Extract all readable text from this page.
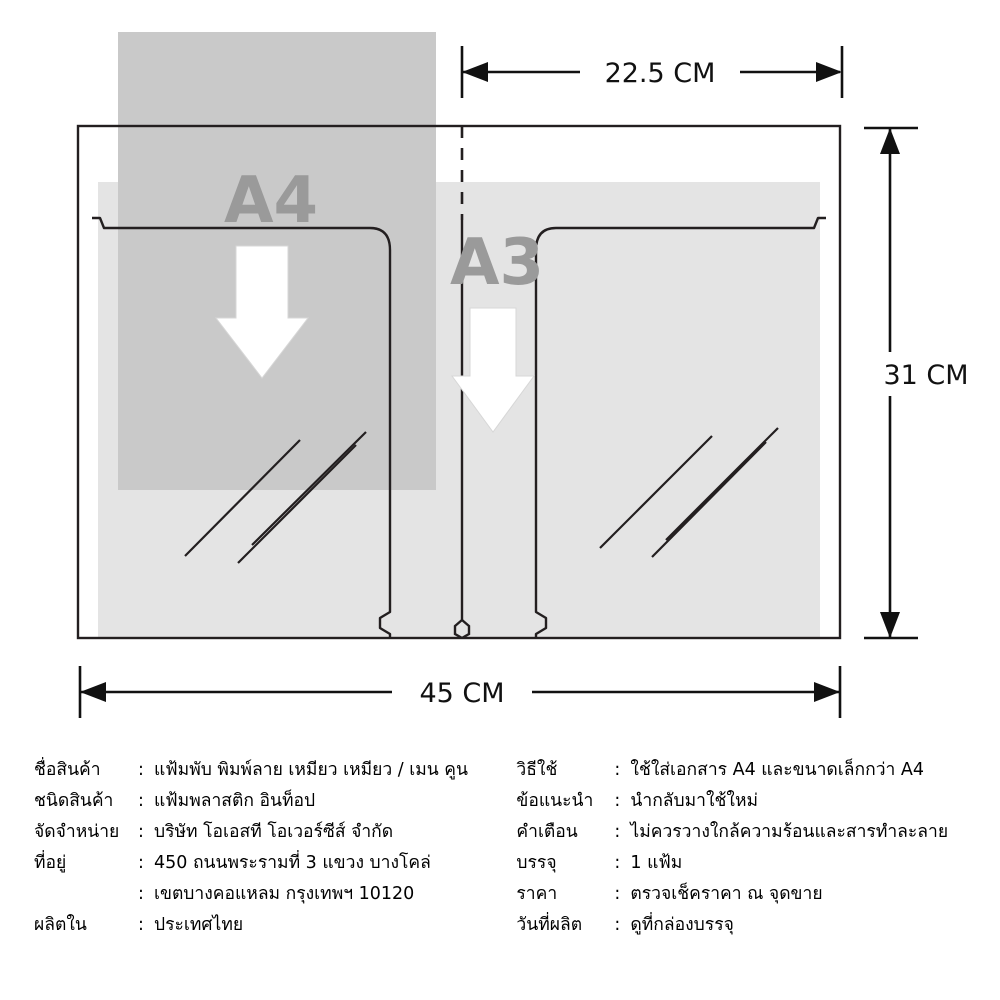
A4
A3
22.5 CM
31 CM
45 CM
ชื่อสินค้า	: แฟ้มพับ พิมพ์ลาย เหมียว เหมียว / เมน คูน
ชนิดสินค้า	: แฟ้มพลาสติก อินท็อป
จัดจำหน่าย	: บริษัท โอเอสที โอเวอร์ซีส์ จำกัด
ที่อยู่	: 450 ถนนพระรามที่ 3 แขวง บางโคล่
: เขตบางคอแหลม กรุงเทพฯ 10120
ผลิตใน	: ประเทศไทย
วิธีใช้	: ใช้ใส่เอกสาร A4 และขนาดเล็กกว่า A4
ข้อแนะนำ	: นำกลับมาใช้ใหม่
คำเตือน	: ไม่ควรวางใกล้ความร้อนและสารทำละลาย
บรรจุ	: 1 แฟ้ม
ราคา	: ตรวจเช็คราคา ณ จุดขาย
วันที่ผลิต	: ดูที่กล่องบรรจุ
